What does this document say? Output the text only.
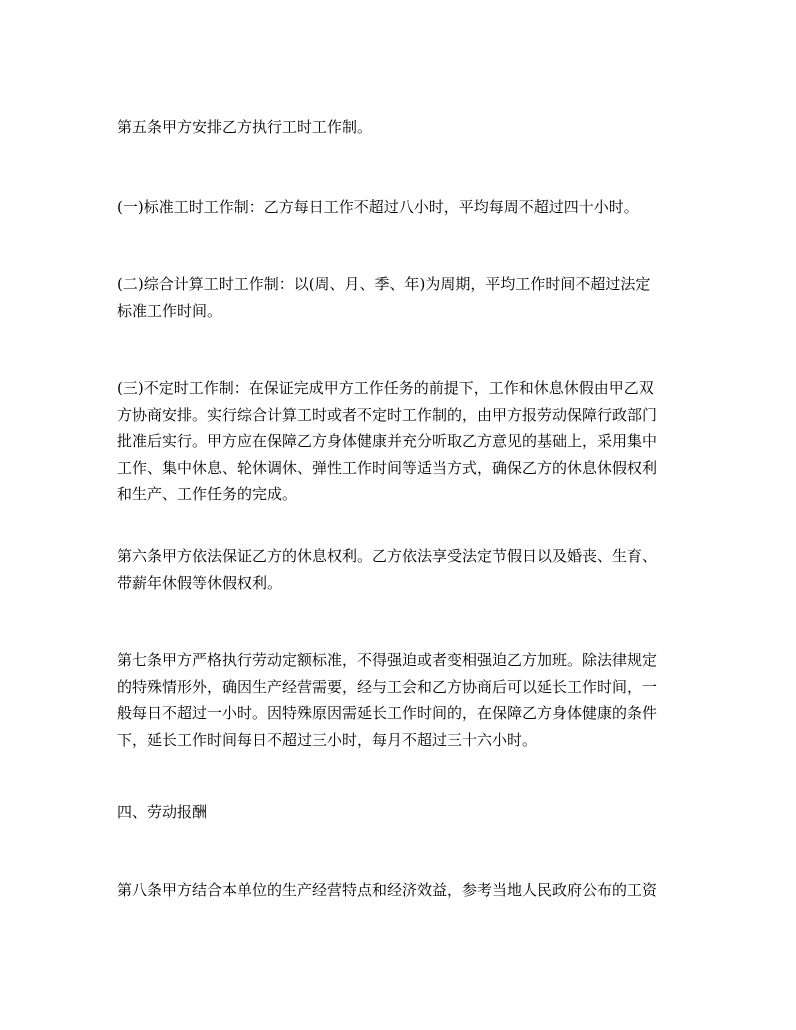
第五条甲方安排乙方执行工时工作制。

(一)标准工时工作制：乙方每日工作不超过八小时，平均每周不超过四十小时。

(二)综合计算工时工作制：以(周、月、季、年)为周期，平均工作时间不超过法定
标准工作时间。

(三)不定时工作制：在保证完成甲方工作任务的前提下，工作和休息休假由甲乙双
方协商安排。实行综合计算工时或者不定时工作制的，由甲方报劳动保障行政部门
批准后实行。甲方应在保障乙方身体健康并充分听取乙方意见的基础上，采用集中
工作、集中休息、轮休调休、弹性工作时间等适当方式，确保乙方的休息休假权利
和生产、工作任务的完成。

第六条甲方依法保证乙方的休息权利。乙方依法享受法定节假日以及婚丧、生育、
带薪年休假等休假权利。

第七条甲方严格执行劳动定额标准，不得强迫或者变相强迫乙方加班。除法律规定
的特殊情形外，确因生产经营需要，经与工会和乙方协商后可以延长工作时间，一
般每日不超过一小时。因特殊原因需延长工作时间的，在保障乙方身体健康的条件
下，延长工作时间每日不超过三小时，每月不超过三十六小时。

四、劳动报酬

第八条甲方结合本单位的生产经营特点和经济效益，参考当地人民政府公布的工资
